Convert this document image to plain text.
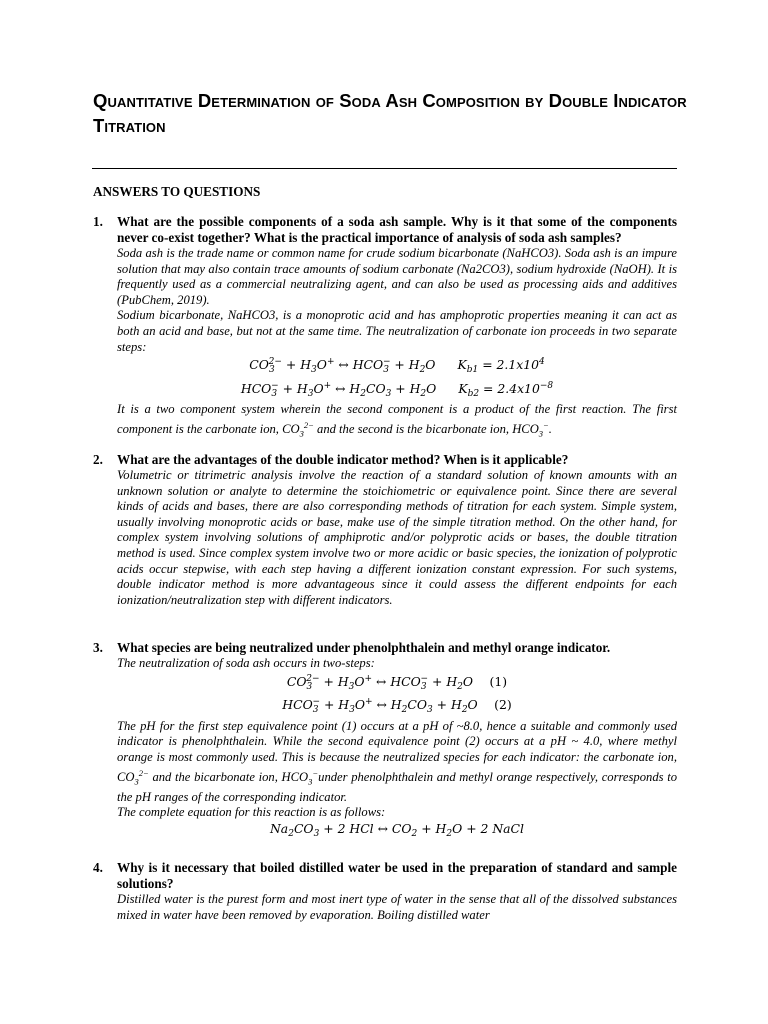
Quantitative Determination of Soda Ash Composition by Double Indicator Titration
ANSWERS TO QUESTIONS
1. What are the possible components of a soda ash sample. Why is it that some of the components never co-exist together? What is the practical importance of analysis of soda ash samples?

Soda ash is the trade name or common name for crude sodium bicarbonate (NaHCO3). Soda ash is an impure solution that may also contain trace amounts of sodium carbonate (Na2CO3), sodium hydroxide (NaOH). It is frequently used as a commercial neutralizing agent, and can also be used as processing aids and additives (PubChem, 2019).

Sodium bicarbonate, NaHCO3, is a monoprotic acid and has amphoprotic properties meaning it can act as both an acid and base, but not at the same time. The neutralization of carbonate ion proceeds in two separate steps:

$CO_3^{2-} + H_3O^+$ ↔ $HCO_3^- + H_2O$ $K_{b1} = 2.1x10^4$
$HCO_3^- + H_3O^+$ ↔ $H_2CO_3 + H_2O$ $K_{b2} = 2.4x10^{-8}$

It is a two component system wherein the second component is a product of the first reaction. The first component is the carbonate ion, $CO_3^{2-}$ and the second is the bicarbonate ion, $HCO_3^-$.

2. What are the advantages of the double indicator method? When is it applicable?

Volumetric or titrimetric analysis involve the reaction of a standard solution of known amounts with an unknown solution or analyte to determine the stoichiometric or equivalence point. Since there are several kinds of acids and bases, there are also corresponding methods of titration for each system. Simple system, usually involving monoprotic acids or base, make use of the simple titration method. On the other hand, for complex system involving solutions of amphiprotic and/or polyprotic acids or bases, the double titration method is used. Since complex system involve two or more acidic or basic species, the ionization of polyprotic acids occur stepwise, with each step having a different ionization constant expression. For such systems, double indicator method is more advantageous since it could assess the different endpoints for each ionization/neutralization step with different indicators.

3. What species are being neutralized under phenolphthalein and methyl orange indicator.

The neutralization of soda ash occurs in two-steps:

$CO_3^{2-} + H_3O^+$ ↔ $HCO_3^- + H_2O$ (1)
$HCO_3^- + H_3O^+$ ↔ $H_2CO_3 + H_2O$ (2)

The pH for the first step equivalence point (1) occurs at a pH of ~8.0, hence a suitable and commonly used indicator is phenolphthalein. While the second equivalence point (2) occurs at a pH ~ 4.0, where methyl orange is most commonly used. This is because the neutralized species for each indicator: the carbonate ion, $CO_3^{2-}$ and the bicarbonate ion, $HCO_3^-under$ phenolphthalein and methyl orange respectively, corresponds to the pH ranges of the corresponding indicator.

The complete equation for this reaction is as follows:

$Na_2CO_3 + 2$ HCl ↔ $CO_2 + H_2O + 2$ NaCl
4. Why is it necessary that boiled distilled water be used in the preparation of standard and sample solutions?

Distilled water is the purest form and most inert type of water in the sense that all of the dissolved substances mixed in water have been removed by evaporation. Boiling distilled water
